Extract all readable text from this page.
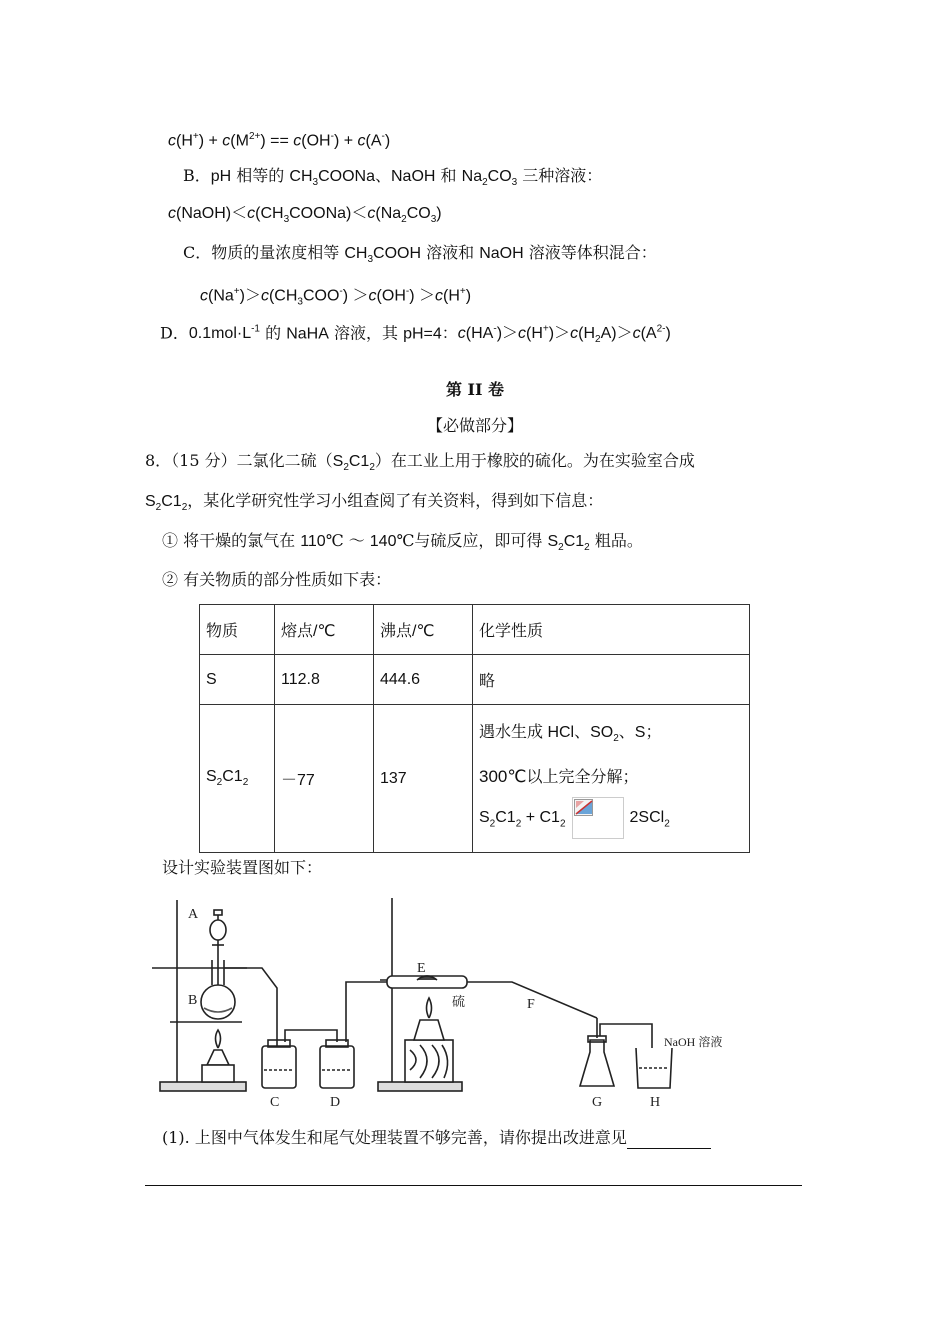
$c(H^+) + c(M^{2+}) == c(OH^-) + c(A^-)$
B．pH 相等的 $CH_3COONa$、NaOH 和 $Na_2CO_3$ 三种溶液：
$c(NaOH)<c(CH_3COONa)<c(Na_2CO_3)$
C．物质的量浓度相等 $CH_3COOH$ 溶液和 NaOH 溶液等体积混合：
$c(Na^+)>c(CH_3COO^-) >c(OH^-) >c(H^+)$
D．$0.1mol\cdot L^{-1}$ 的 NaHA 溶液，其 pH=4：$c(HA^-)>c(H^+)>c(H_2A)>c(A^{2-})$
第 II 卷
【必做部分】
8．（15 分）二氯化二硫$(S_2C1_2)$在工业上用于橡胶的硫化。为在实验室合成
$S_2C1_2$，某化学研究性学习小组查阅了有关资料，得到如下信息：
① 将干燥的氯气在 110℃ ～ 140℃与硫反应，即可得 $S_2C1_2$ 粗品。
② 有关物质的部分性质如下表：
物质	熔点/℃	沸点/℃	化学性质
S	112.8	444.6	略
$S_2C1_2$	－77	137	遇水生成 HCl、$SO_2$、S；
300℃以上完全分解；
$S_2C1_2 + C1_2$ 2SCl$_2$
设计实验装置图如下：
A
B
C	D
E
F
G	H
硫
NaOH 溶液
(1). 上图中气体发生和尾气处理装置不够完善，请你提出改进意见
